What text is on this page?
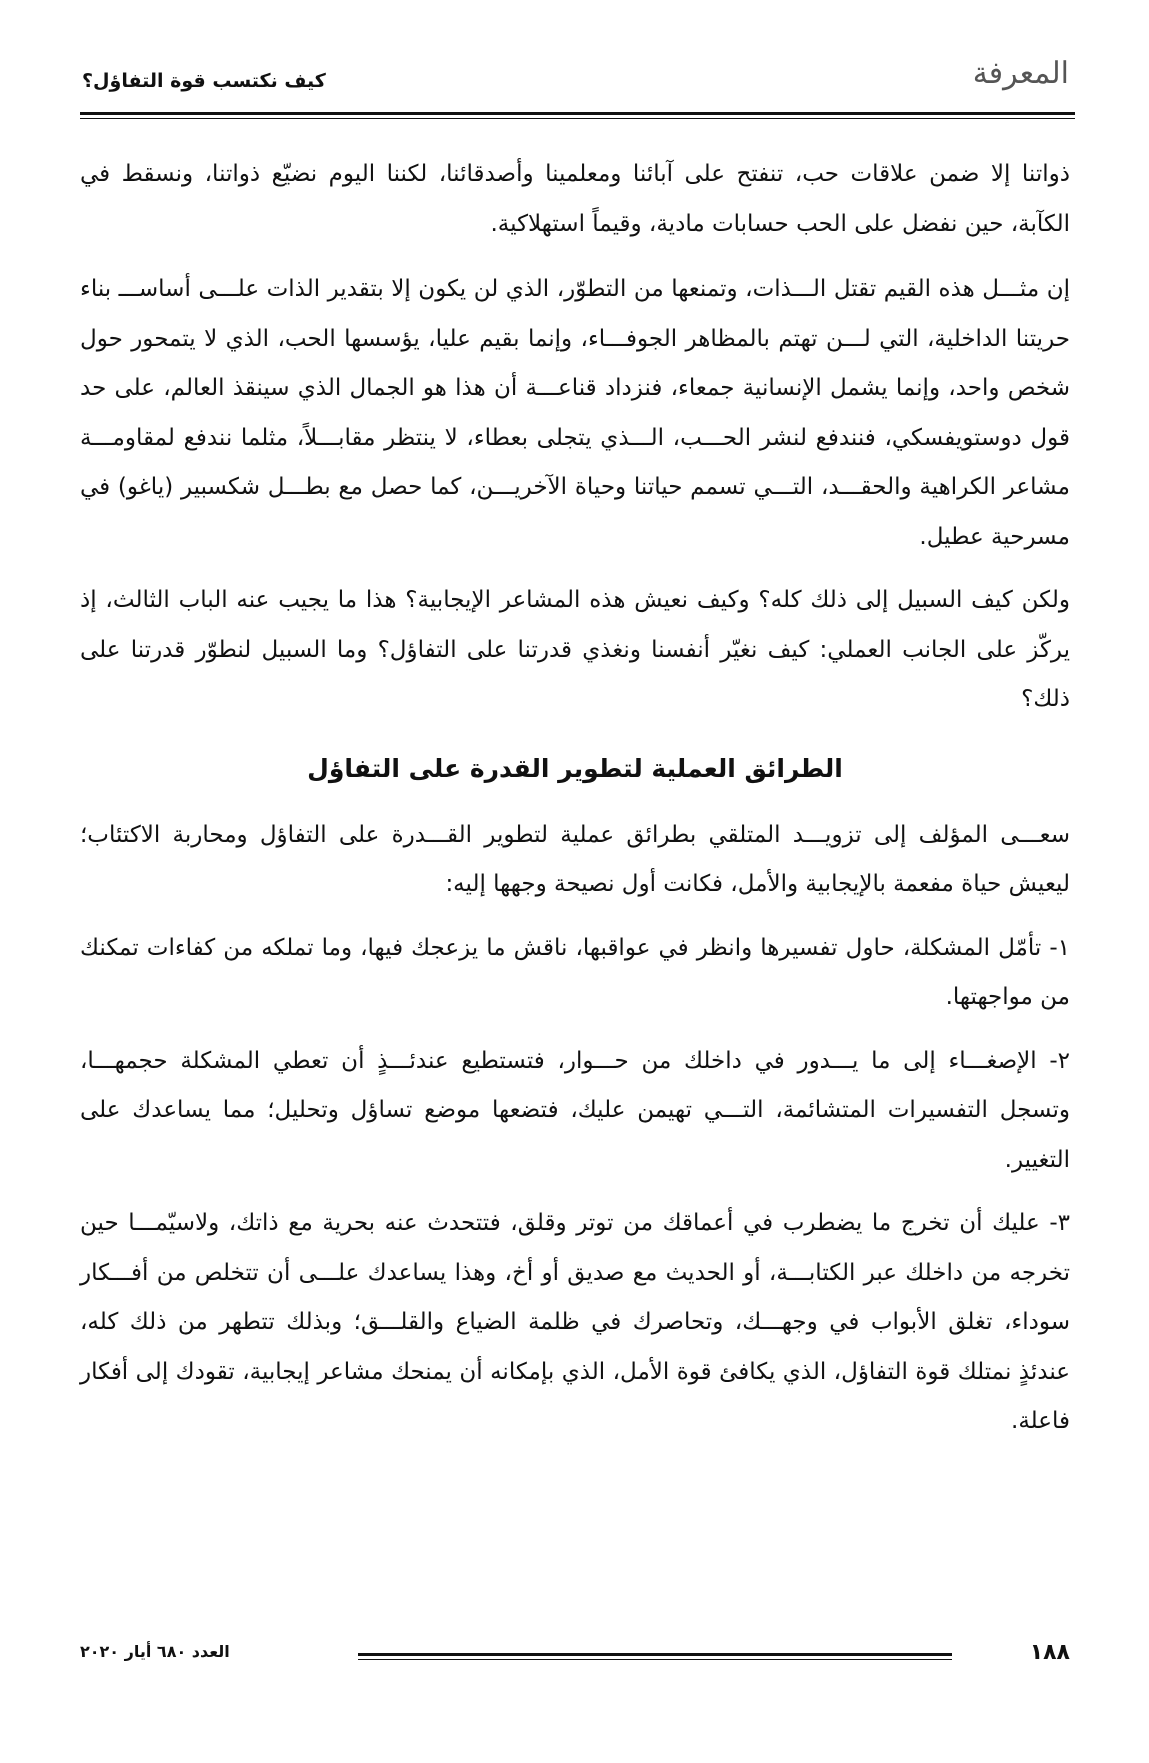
المعرفة
كيف نكتسب قوة التفاؤل؟

ذواتنا إلا ضمن علاقات حب، تنفتح على آبائنا ومعلمينا وأصدقائنا، لكننا اليوم نضيّع ذواتنا، ونسقط في الكآبة، حين نفضل على الحب حسابات مادية، وقيماً استهلاكية.

إن مثـــل هذه القيم تقتل الـــذات، وتمنعها من التطوّر، الذي لن يكون إلا بتقدير الذات علـــى أساســـ بناء حريتنا الداخلية، التي لـــن تهتم بالمظاهر الجوفـــاء، وإنما بقيم عليا، يؤسسها الحب، الذي لا يتمحور حول شخص واحد، وإنما يشمل الإنسانية جمعاء، فنزداد قناعـــة أن هذا هو الجمال الذي سينقذ العالم، على حد قول دوستويفسكي، فنندفع لنشر الحـــب، الـــذي يتجلى بعطاء، لا ينتظر مقابـــلاً، مثلما نندفع لمقاومـــة مشاعر الكراهية والحقـــد، التـــي تسمم حياتنا وحياة الآخريـــن، كما حصل مع بطـــل شكسبير (ياغو) في مسرحية عطيل.

ولكن كيف السبيل إلى ذلك كله؟ وكيف نعيش هذه المشاعر الإيجابية؟ هذا ما يجيب عنه الباب الثالث، إذ يركّز على الجانب العملي: كيف نغيّر أنفسنا ونغذي قدرتنا على التفاؤل؟ وما السبيل لنطوّر قدرتنا على ذلك؟

الطرائق العملية لتطوير القدرة على التفاؤل

سعـــى المؤلف إلى تزويـــد المتلقي بطرائق عملية لتطوير القـــدرة على التفاؤل ومحاربة الاكتئاب؛ ليعيش حياة مفعمة بالإيجابية والأمل، فكانت أول نصيحة وجهها إليه:

١- تأمّل المشكلة، حاول تفسيرها وانظر في عواقبها، ناقش ما يزعجك فيها، وما تملكه من كفاءات تمكنك من مواجهتها.

٢- الإصغـــاء إلى ما يـــدور في داخلك من حـــوار، فتستطيع عندئـــذٍ أن تعطي المشكلة حجمهـــا، وتسجل التفسيرات المتشائمة، التـــي تهيمن عليك، فتضعها موضع تساؤل وتحليل؛ مما يساعدك على التغيير.

٣- عليك أن تخرج ما يضطرب في أعماقك من توتر وقلق، فتتحدث عنه بحرية مع ذاتك، ولاسيّمـــا حين تخرجه من داخلك عبر الكتابـــة، أو الحديث مع صديق أو أخ، وهذا يساعدك علـــى أن تتخلص من أفـــكار سوداء، تغلق الأبواب في وجهـــك، وتحاصرك في ظلمة الضياع والقلـــق؛ وبذلك تتطهر من ذلك كله، عندئذٍ نمتلك قوة التفاؤل، الذي يكافئ قوة الأمل، الذي بإمكانه أن يمنحك مشاعر إيجابية، تقودك إلى أفكار فاعلة.

١٨٨
العدد ٦٨٠ أيار ٢٠٢٠
